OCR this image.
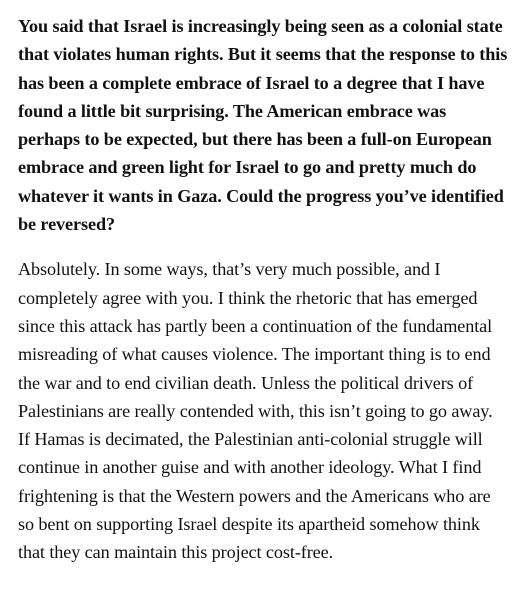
You said that Israel is increasingly being seen as a colonial state that violates human rights. But it seems that the response to this has been a complete embrace of Israel to a degree that I have found a little bit surprising. The American embrace was perhaps to be expected, but there has been a full-on European embrace and green light for Israel to go and pretty much do whatever it wants in Gaza. Could the progress you’ve identified be reversed?

Absolutely. In some ways, that’s very much possible, and I completely agree with you. I think the rhetoric that has emerged since this attack has partly been a continuation of the fundamental misreading of what causes violence. The important thing is to end the war and to end civilian death. Unless the political drivers of Palestinians are really contended with, this isn’t going to go away. If Hamas is decimated, the Palestinian anti-colonial struggle will continue in another guise and with another ideology. What I find frightening is that the Western powers and the Americans who are so bent on supporting Israel despite its apartheid somehow think that they can maintain this project cost-free.
